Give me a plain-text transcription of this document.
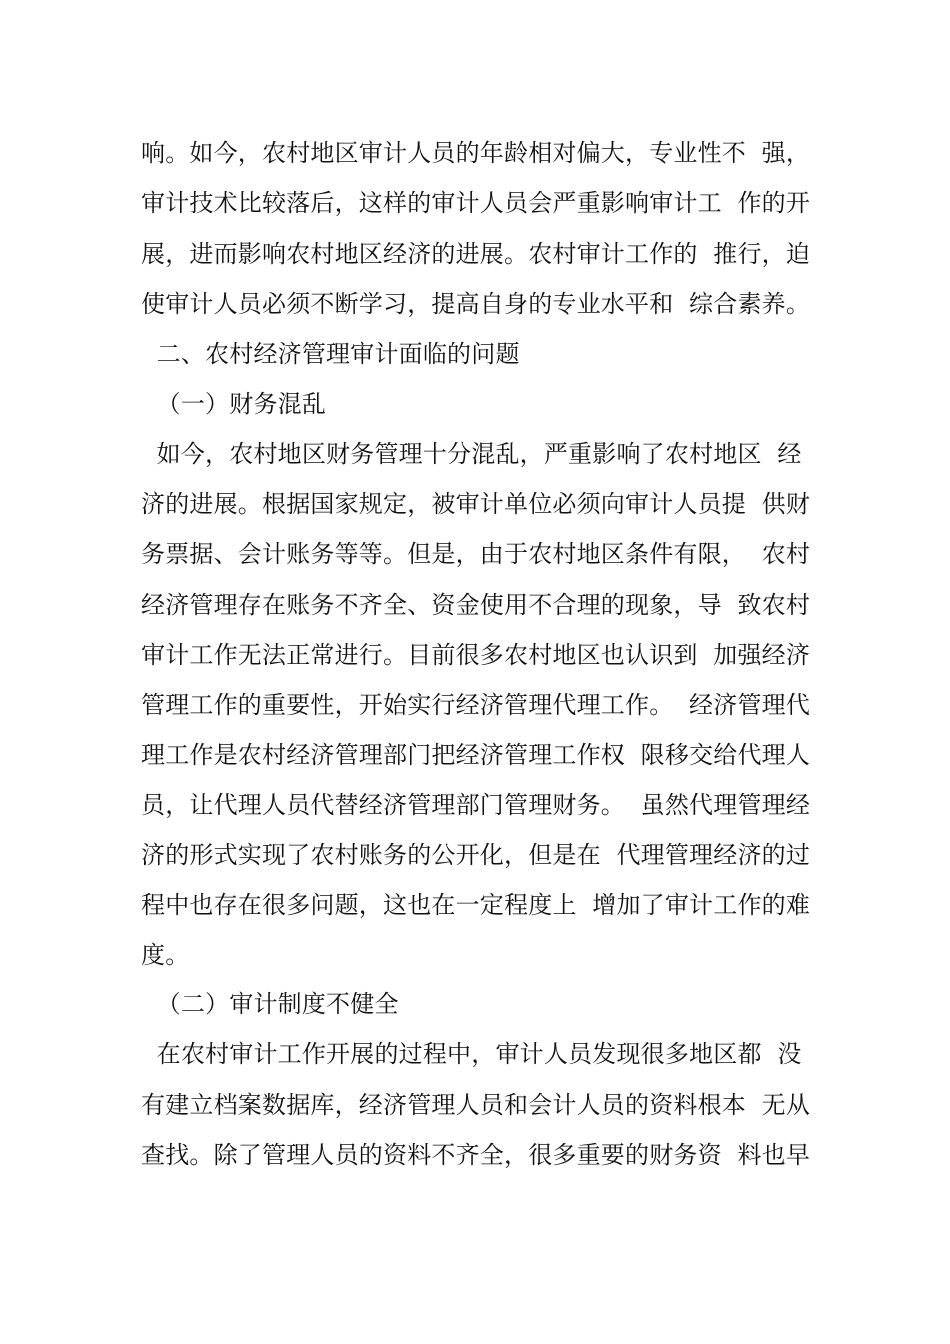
响。如今，农村地区审计人员的年龄相对偏大，专业性不  强，
审计技术比较落后，这样的审计人员会严重影响审计工  作的开
展，进而影响农村地区经济的进展。农村审计工作的  推行，迫
使审计人员必须不断学习，提高自身的专业水平和  综合素养。
二、农村经济管理审计面临的问题
（一）财务混乱
如今，农村地区财务管理十分混乱，严重影响了农村地区  经
济的进展。根据国家规定，被审计单位必须向审计人员提  供财
务票据、会计账务等等。但是，由于农村地区条件有限，  农村
经济管理存在账务不齐全、资金使用不合理的现象，导  致农村
审计工作无法正常进行。目前很多农村地区也认识到  加强经济
管理工作的重要性，开始实行经济管理代理工作。  经济管理代
理工作是农村经济管理部门把经济管理工作权  限移交给代理人
员，让代理人员代替经济管理部门管理财务。  虽然代理管理经
济的形式实现了农村账务的公开化，但是在  代理管理经济的过
程中也存在很多问题，这也在一定程度上  增加了审计工作的难
度。
（二）审计制度不健全
在农村审计工作开展的过程中，审计人员发现很多地区都  没
有建立档案数据库，经济管理人员和会计人员的资料根本  无从
查找。除了管理人员的资料不齐全，很多重要的财务资  料也早
